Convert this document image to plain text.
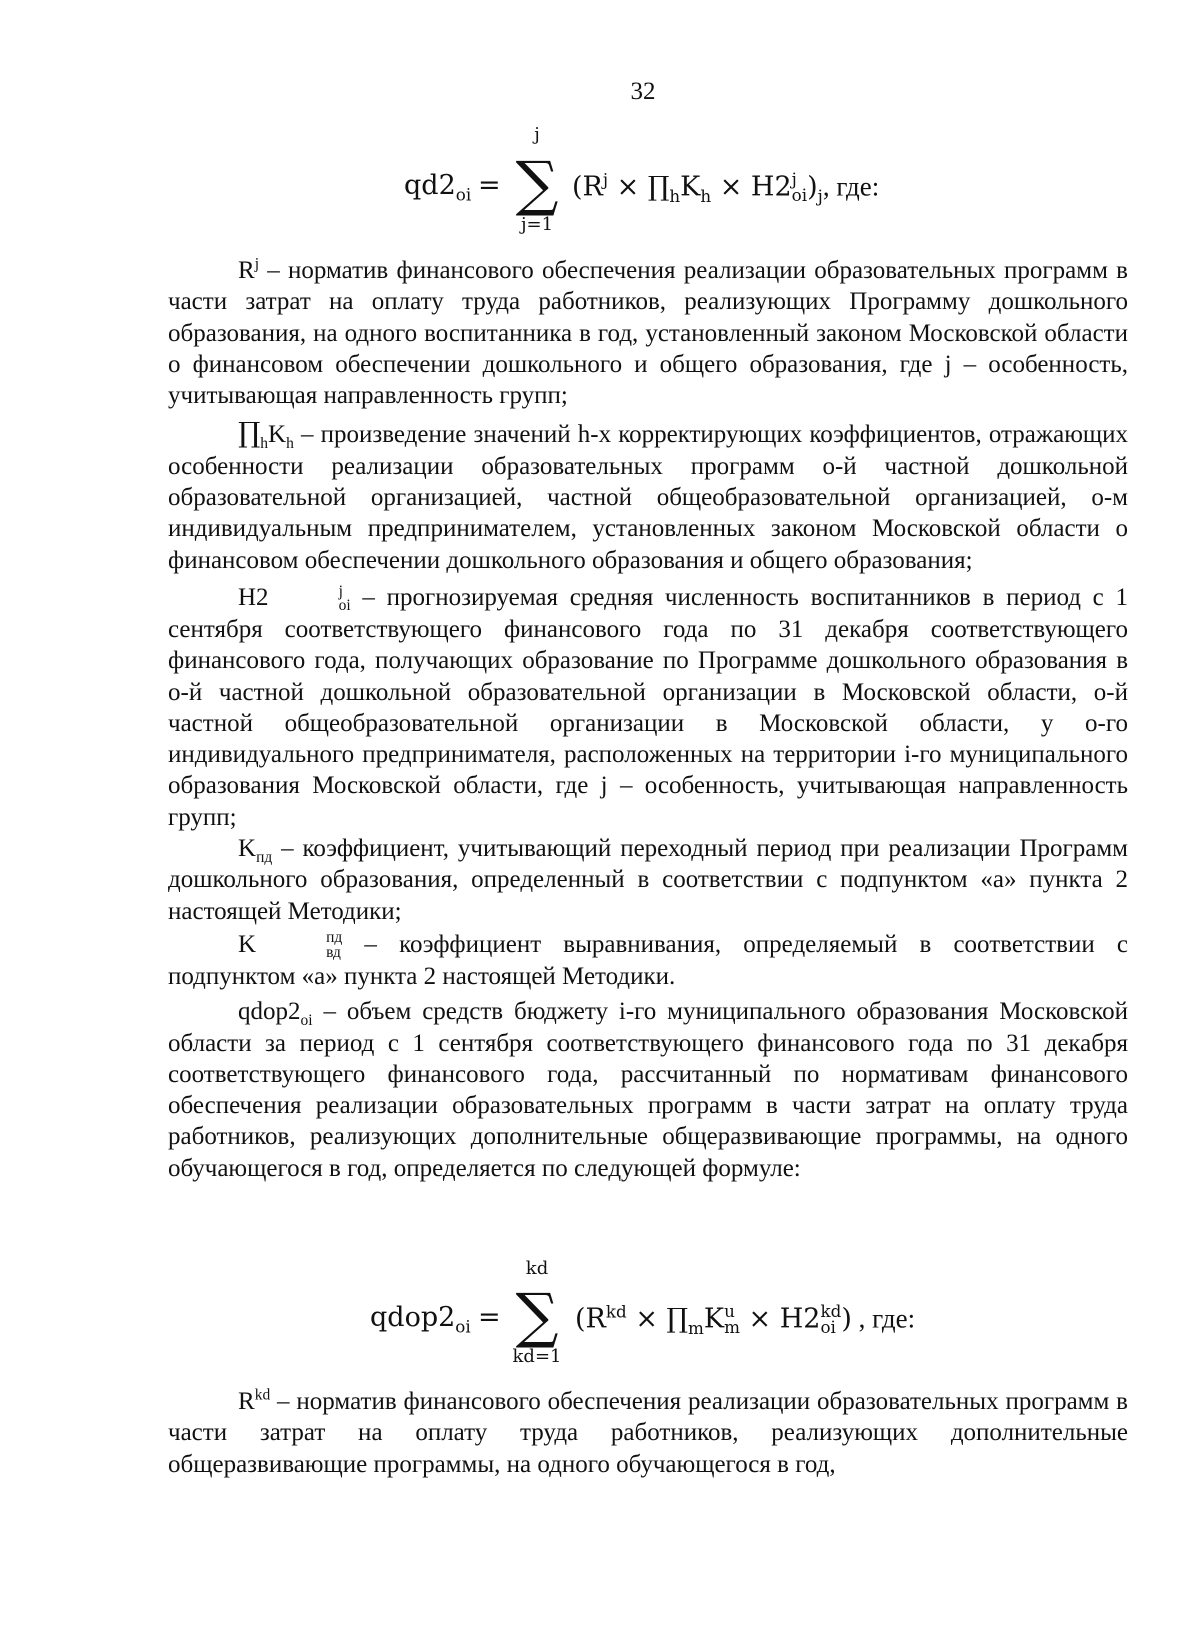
32
$qd2_{oi}$ =
j
∑
j=1
($R^j$ × $\prod_hK_h \times H2$ j
oi )$_j$, где:

$R^j$ – норматив финансового обеспечения реализации образовательных программ в части затрат на оплату труда работников, реализующих Программу дошкольного образования, на одного воспитанника в год, установленный законом Московской области о финансовом обеспечении дошкольного и общего образования, где j – особенность, учитывающая направленность групп;

$\prod_hK_h$ – произведение значений h-х корректирующих коэффициентов, отражающих особенности реализации образовательных программ о-й частной дошкольной образовательной организацией, частной общеобразовательной организацией, о-м индивидуальным предпринимателем, установленных законом Московской области о финансовом обеспечении дошкольного образования и общего образования;

H2	j
oi – прогнозируемая средняя численность воспитанников в период с 1 сентября соответствующего финансового года по 31 декабря соответствующего финансового года, получающих образование по Программе дошкольного образования в о-й частной дошкольной образовательной организации в Московской области, о-й частной общеобразовательной организации в Московской области, у о-го индивидуального предпринимателя, расположенных на территории i-го муниципального образования Московской области, где j – особенность, учитывающая направленность групп;

$K_{пд}$ – коэффициент, учитывающий переходный период при реализации Программ дошкольного образования, определенный в соответствии с подпунктом «а» пункта 2 настоящей Методики;

K	пд
вд – коэффициент выравнивания, определяемый в соответствии с подпунктом «а» пункта 2 настоящей Методики.

$qdop2_{oi}$ – объем средств бюджету i-го муниципального образования Московской области за период с 1 сентября соответствующего финансового года по 31 декабря соответствующего финансового года, рассчитанный по нормативам финансового обеспечения реализации образовательных программ в части затрат на оплату труда работников, реализующих дополнительные общеразвивающие программы, на одного обучающегося в год, определяется по следующей формуле:

$qdop2_{oi}$ =
kd
∑
kd=1
($R^{kd}$ × $\prod_mK$ u
m × H2 kd
oi ) , где:

$R^{kd}$ – норматив финансового обеспечения реализации образовательных программ в части затрат на оплату труда работников, реализующих дополнительные общеразвивающие программы, на одного обучающегося в год,
